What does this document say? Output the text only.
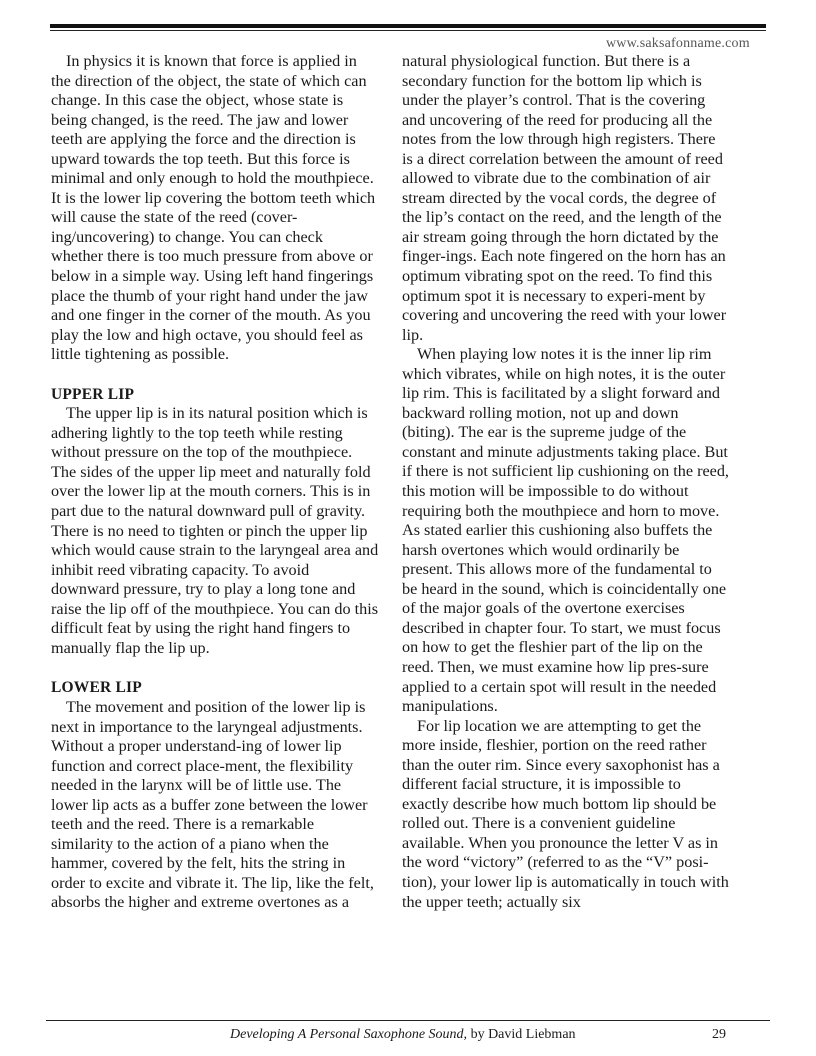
www.saksafonname.com

In physics it is known that force is applied in the direction of the object, the state of which can change. In this case the object, whose state is being changed, is the reed. The jaw and lower teeth are applying the force and the direction is upward towards the top teeth. But this force is minimal and only enough to hold the mouthpiece. It is the lower lip covering the bottom teeth which will cause the state of the reed (cover-ing/uncovering) to change. You can check whether there is too much pressure from above or below in a simple way. Using left hand fingerings place the thumb of your right hand under the jaw and one finger in the corner of the mouth. As you play the low and high octave, you should feel as little tightening as possible.

UPPER LIP

The upper lip is in its natural position which is adhering lightly to the top teeth while resting without pressure on the top of the mouthpiece. The sides of the upper lip meet and naturally fold over the lower lip at the mouth corners. This is in part due to the natural downward pull of gravity. There is no need to tighten or pinch the upper lip which would cause strain to the laryngeal area and inhibit reed vibrating capacity. To avoid downward pressure, try to play a long tone and raise the lip off of the mouthpiece. You can do this difficult feat by using the right hand fingers to manually flap the lip up.

LOWER LIP

The movement and position of the lower lip is next in importance to the laryngeal adjustments. Without a proper understand-ing of lower lip function and correct place-ment, the flexibility needed in the larynx will be of little use. The lower lip acts as a buffer zone between the lower teeth and the reed. There is a remarkable similarity to the action of a piano when the hammer, covered by the felt, hits the string in order to excite and vibrate it. The lip, like the felt, absorbs the higher and extreme overtones as a

natural physiological function. But there is a secondary function for the bottom lip which is under the player’s control. That is the covering and uncovering of the reed for producing all the notes from the low through high registers. There is a direct correlation between the amount of reed allowed to vibrate due to the combination of air stream directed by the vocal cords, the degree of the lip’s contact on the reed, and the length of the air stream going through the horn dictated by the finger-ings. Each note fingered on the horn has an optimum vibrating spot on the reed. To find this optimum spot it is necessary to experi-ment by covering and uncovering the reed with your lower lip.

When playing low notes it is the inner lip rim which vibrates, while on high notes, it is the outer lip rim. This is facilitated by a slight forward and backward rolling motion, not up and down (biting). The ear is the supreme judge of the constant and minute adjustments taking place. But if there is not sufficient lip cushioning on the reed, this motion will be impossible to do without requiring both the mouthpiece and horn to move. As stated earlier this cushioning also buffets the harsh overtones which would ordinarily be present. This allows more of the fundamental to be heard in the sound, which is coincidentally one of the major goals of the overtone exercises described in chapter four. To start, we must focus on how to get the fleshier part of the lip on the reed. Then, we must examine how lip pres-sure applied to a certain spot will result in the needed manipulations.

For lip location we are attempting to get the more inside, fleshier, portion on the reed rather than the outer rim. Since every saxophonist has a different facial structure, it is impossible to exactly describe how much bottom lip should be rolled out. There is a convenient guideline available. When you pronounce the letter V as in the word “victory” (referred to as the “V” posi-tion), your lower lip is automatically in touch with the upper teeth; actually six

Developing A Personal Saxophone Sound, by David Liebman	29
